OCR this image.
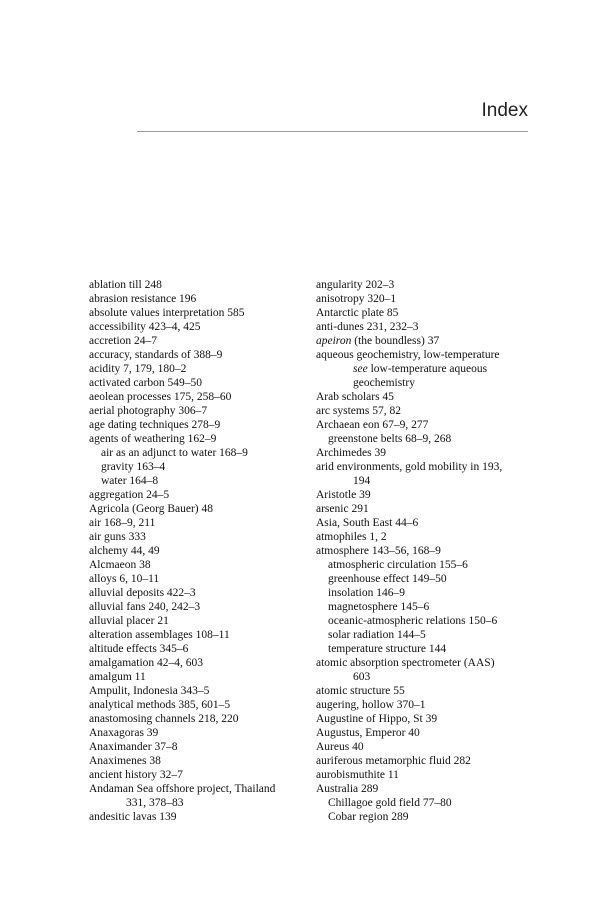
Index
ablation till 248
abrasion resistance 196
absolute values interpretation 585
accessibility 423–4, 425
accretion 24–7
accuracy, standards of 388–9
acidity 7, 179, 180–2
activated carbon 549–50
aeolean processes 175, 258–60
aerial photography 306–7
age dating techniques 278–9
agents of weathering 162–9
air as an adjunct to water 168–9
gravity 163–4
water 164–8
aggregation 24–5
Agricola (Georg Bauer) 48
air 168–9, 211
air guns 333
alchemy 44, 49
Alcmaeon 38
alloys 6, 10–11
alluvial deposits 422–3
alluvial fans 240, 242–3
alluvial placer 21
alteration assemblages 108–11
altitude effects 345–6
amalgamation 42–4, 603
amalgum 11
Ampulit, Indonesia 343–5
analytical methods 385, 601–5
anastomosing channels 218, 220
Anaxagoras 39
Anaximander 37–8
Anaximenes 38
ancient history 32–7
Andaman Sea offshore project, Thailand
331, 378–83
andesitic lavas 139
angularity 202–3
anisotropy 320–1
Antarctic plate 85
anti-dunes 231, 232–3
apeiron (the boundless) 37
aqueous geochemistry, low-temperature
see low-temperature aqueous
geochemistry
Arab scholars 45
arc systems 57, 82
Archaean eon 67–9, 277
greenstone belts 68–9, 268
Archimedes 39
arid environments, gold mobility in 193,
194
Aristotle 39
arsenic 291
Asia, South East 44–6
atmophiles 1, 2
atmosphere 143–56, 168–9
atmospheric circulation 155–6
greenhouse effect 149–50
insolation 146–9
magnetosphere 145–6
oceanic-atmospheric relations 150–6
solar radiation 144–5
temperature structure 144
atomic absorption spectrometer (AAS)
603
atomic structure 55
augering, hollow 370–1
Augustine of Hippo, St 39
Augustus, Emperor 40
Aureus 40
auriferous metamorphic fluid 282
aurobismuthite 11
Australia 289
Chillagoe gold field 77–80
Cobar region 289
